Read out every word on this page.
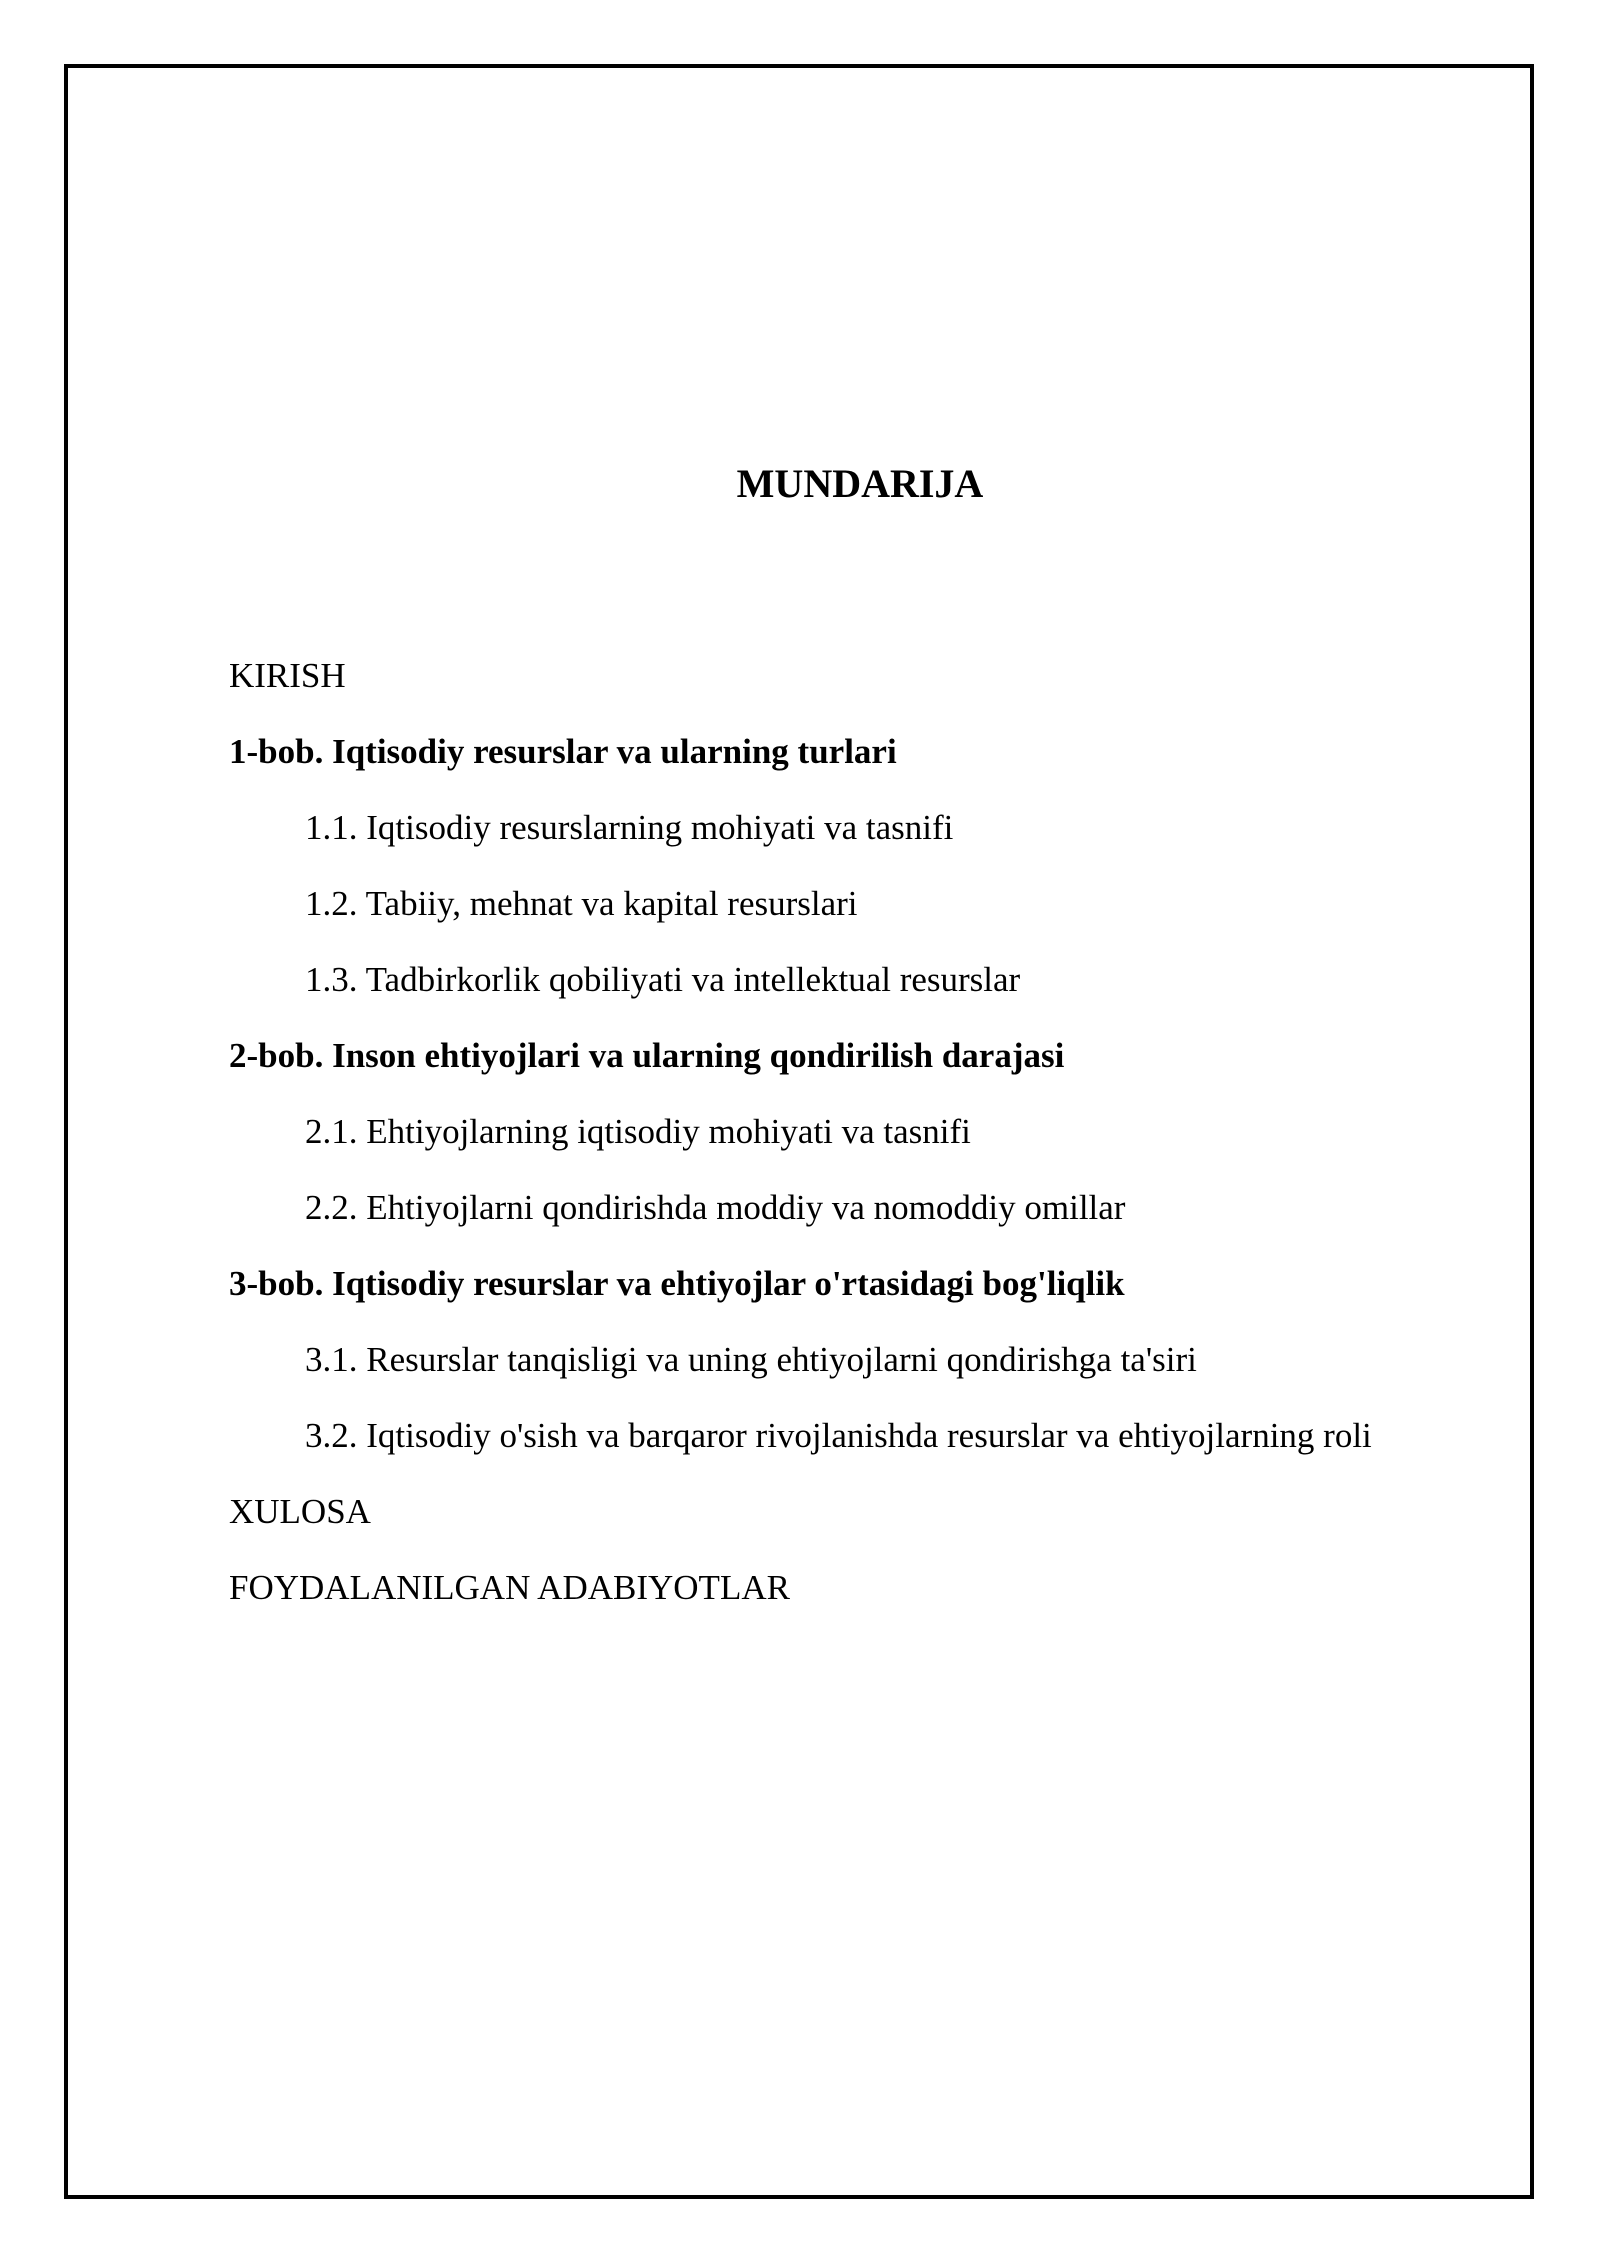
MUNDARIJA
KIRISH
1-bob. Iqtisodiy resurslar va ularning turlari
1.1. Iqtisodiy resurslarning mohiyati va tasnifi
1.2. Tabiiy, mehnat va kapital resurslari
1.3. Tadbirkorlik qobiliyati va intellektual resurslar
2-bob. Inson ehtiyojlari va ularning qondirilish darajasi
2.1. Ehtiyojlarning iqtisodiy mohiyati va tasnifi
2.2. Ehtiyojlarni qondirishda moddiy va nomoddiy omillar
3-bob. Iqtisodiy resurslar va ehtiyojlar o'rtasidagi bog'liqlik
3.1. Resurslar tanqisligi va uning ehtiyojlarni qondirishga ta'siri
3.2. Iqtisodiy o'sish va barqaror rivojlanishda resurslar va ehtiyojlarning roli
XULOSA
FOYDALANILGAN ADABIYOTLAR
